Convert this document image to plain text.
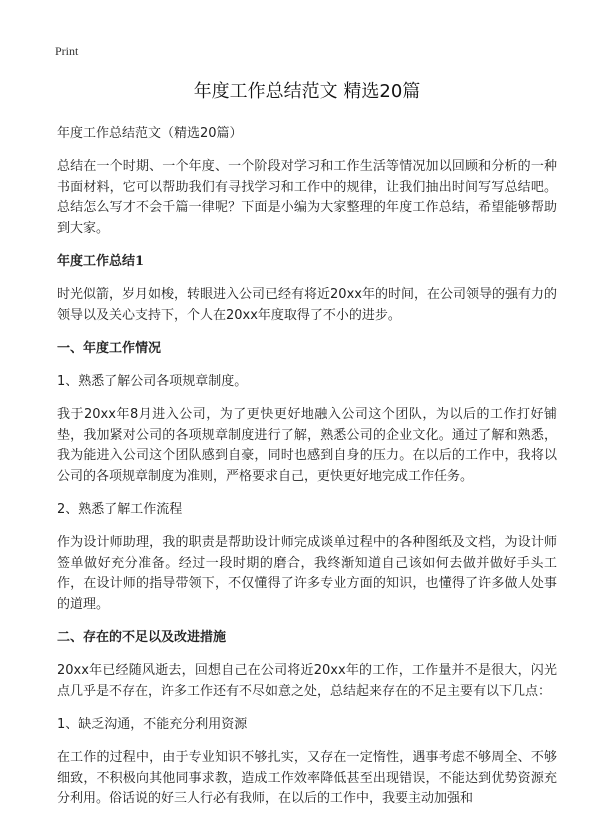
Print
年度工作总结范文 精选20篇
年度工作总结范文（精选20篇）

总结在一个时期、一个年度、一个阶段对学习和工作生活等情况加以回顾和分析的一种书面材料，它可以帮助我们有寻找学习和工作中的规律，让我们抽出时间写写总结吧。总结怎么写才不会千篇一律呢？下面是小编为大家整理的年度工作总结，希望能够帮助到大家。

年度工作总结1

时光似箭，岁月如梭，转眼进入公司已经有将近20xx年的时间，在公司领导的强有力的领导以及关心支持下，个人在20xx年度取得了不小的进步。

一、年度工作情况
1、熟悉了解公司各项规章制度。

我于20xx年8月进入公司，为了更快更好地融入公司这个团队，为以后的工作打好铺垫，我加紧对公司的各项规章制度进行了解，熟悉公司的企业文化。通过了解和熟悉，我为能进入公司这个团队感到自豪，同时也感到自身的压力。在以后的工作中，我将以公司的各项规章制度为准则，严格要求自己，更快更好地完成工作任务。

2、熟悉了解工作流程

作为设计师助理，我的职责是帮助设计师完成谈单过程中的各种图纸及文档，为设计师签单做好充分准备。经过一段时期的磨合，我终渐知道自己该如何去做并做好手头工作，在设计师的指导带领下，不仅懂得了许多专业方面的知识，也懂得了许多做人处事的道理。

二、存在的不足以及改进措施

20xx年已经随风逝去，回想自己在公司将近20xx年的工作，工作量并不是很大，闪光点几乎是不存在，许多工作还有不尽如意之处，总结起来存在的不足主要有以下几点：

1、缺乏沟通，不能充分利用资源

在工作的过程中，由于专业知识不够扎实，又存在一定惰性，遇事考虑不够周全、不够细致，不积极向其他同事求教，造成工作效率降低甚至出现错误，不能达到优势资源充分利用。俗话说的好三人行必有我师，在以后的工作中，我要主动加强和
